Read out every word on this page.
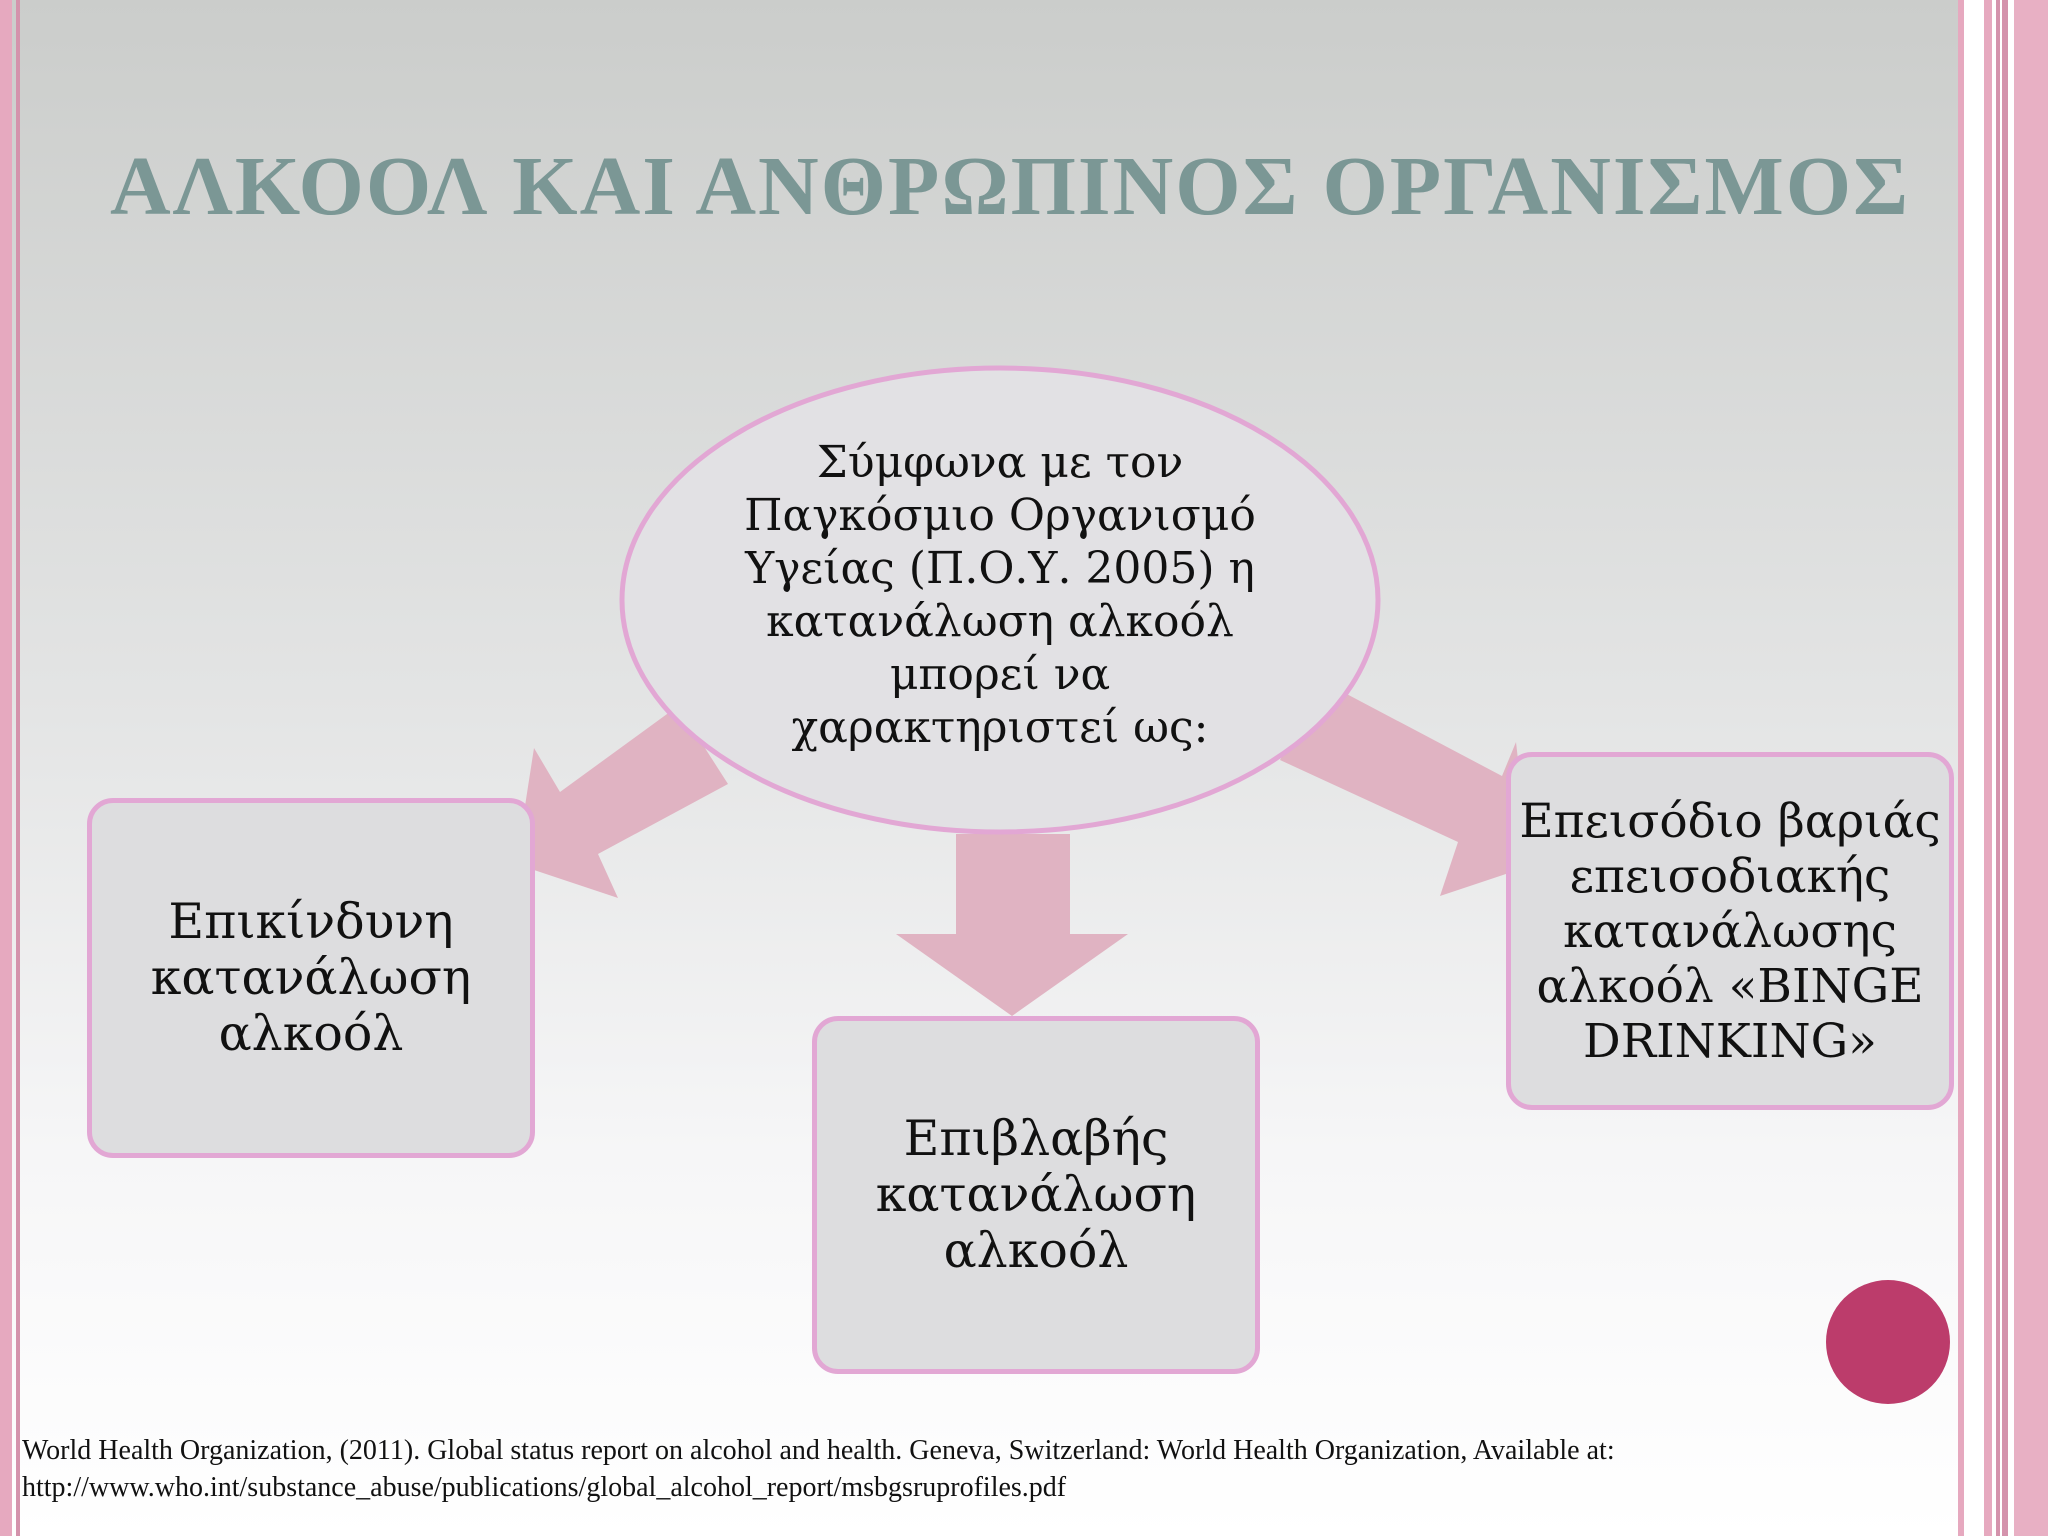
ΑΛΚΟΟΛ ΚΑΙ ΑΝΘΡΩΠΙΝΟΣ ΟΡΓΑΝΙΣΜΟΣ
Σύμφωνα με τον
Παγκόσμιο Οργανισμό
Υγείας (Π.Ο.Υ. 2005) η
κατανάλωση αλκοόλ
μπορεί να
χαρακτηριστεί ως:
Επικίνδυνη
κατανάλωση
αλκοόλ
Επιβλαβής
κατανάλωση
αλκοόλ
Επεισόδιο βαριάς
επεισοδιακής
κατανάλωσης
αλκοόλ «BINGE
DRINKING»
World Health Organization, (2011). Global status report on alcohol and health. Geneva, Switzerland: World Health Organization, Available at:
http://www.who.int/substance_abuse/publications/global_alcohol_report/msbgsruprofiles.pdf
